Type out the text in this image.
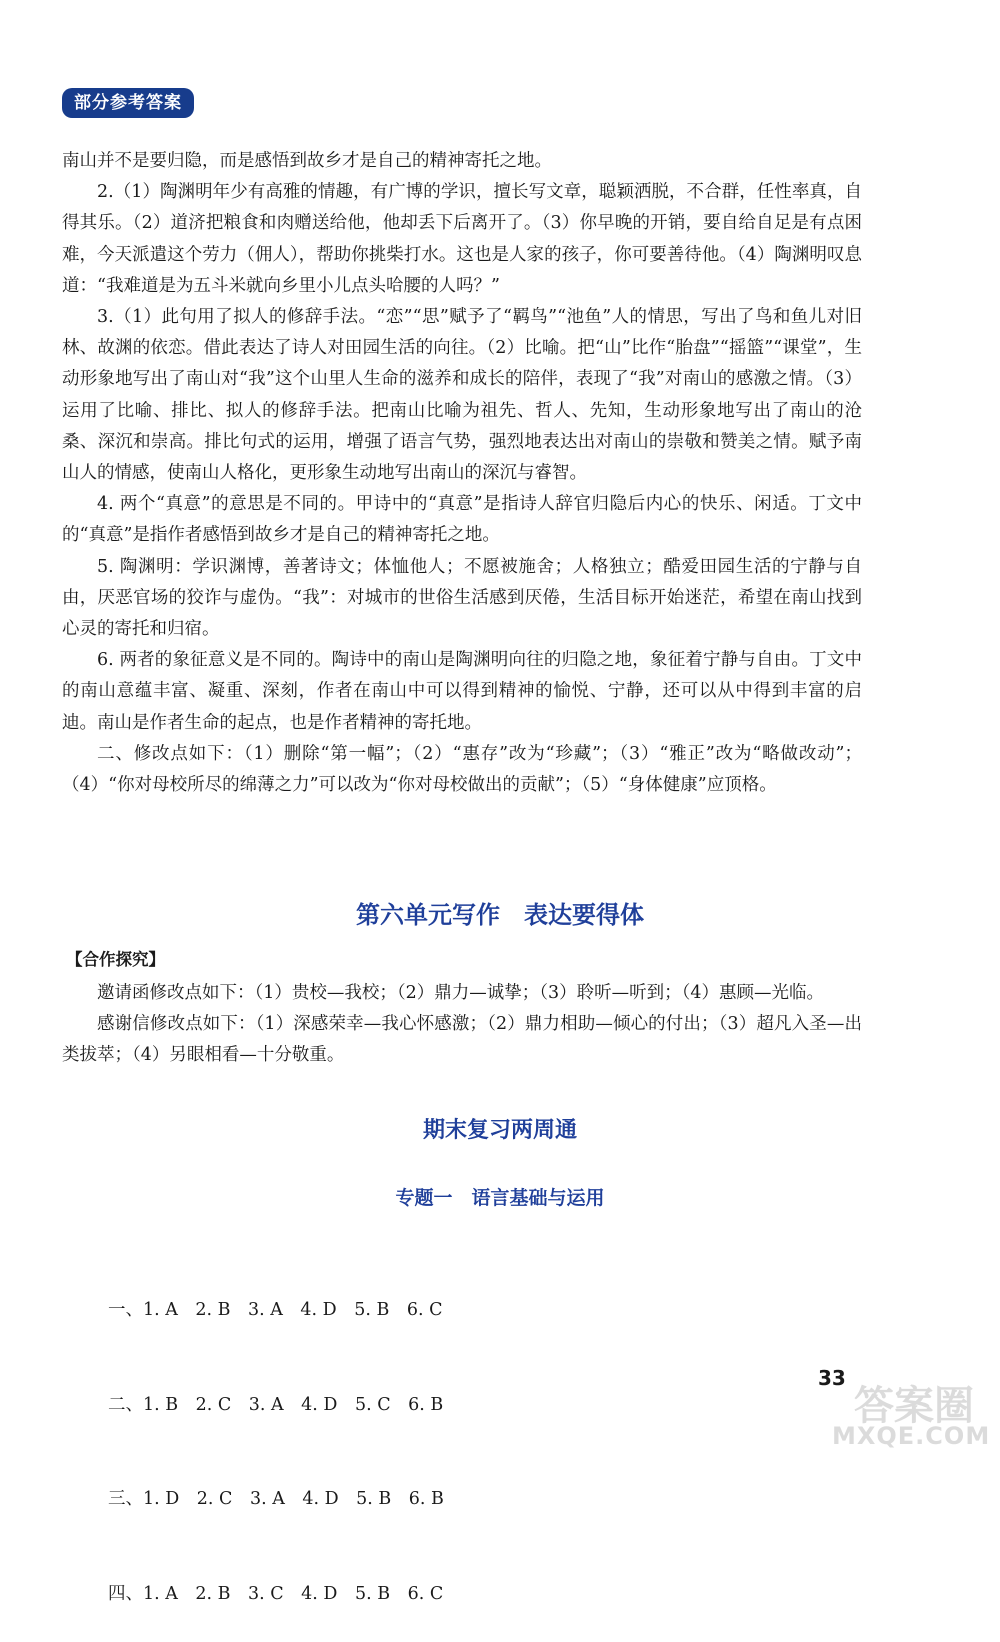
部分参考答案

南山并不是要归隐，而是感悟到故乡才是自己的精神寄托之地。

2.（1）陶渊明年少有高雅的情趣，有广博的学识，擅长写文章，聪颖洒脱，不合群，任性率真，自得其乐。（2）道济把粮食和肉赠送给他，他却丢下后离开了。（3）你早晚的开销，要自给自足是有点困难，今天派遣这个劳力（佣人），帮助你挑柴打水。这也是人家的孩子，你可要善待他。（4）陶渊明叹息道：“我难道是为五斗米就向乡里小儿点头哈腰的人吗？”

3.（1）此句用了拟人的修辞手法。“恋”“思”赋予了“羁鸟”“池鱼”人的情思，写出了鸟和鱼儿对旧林、故渊的依恋。借此表达了诗人对田园生活的向往。（2）比喻。把“山”比作“胎盘”“摇篮”“课堂”，生动形象地写出了南山对“我”这个山里人生命的滋养和成长的陪伴，表现了“我”对南山的感激之情。（3）运用了比喻、排比、拟人的修辞手法。把南山比喻为祖先、哲人、先知，生动形象地写出了南山的沧桑、深沉和崇高。排比句式的运用，增强了语言气势，强烈地表达出对南山的崇敬和赞美之情。赋予南山人的情感，使南山人格化，更形象生动地写出南山的深沉与睿智。

4. 两个“真意”的意思是不同的。甲诗中的“真意”是指诗人辞官归隐后内心的快乐、闲适。丁文中的“真意”是指作者感悟到故乡才是自己的精神寄托之地。

5. 陶渊明：学识渊博，善著诗文；体恤他人；不愿被施舍；人格独立；酷爱田园生活的宁静与自由，厌恶官场的狡诈与虚伪。“我”：对城市的世俗生活感到厌倦，生活目标开始迷茫，希望在南山找到心灵的寄托和归宿。

6. 两者的象征意义是不同的。陶诗中的南山是陶渊明向往的归隐之地，象征着宁静与自由。丁文中的南山意蕴丰富、凝重、深刻，作者在南山中可以得到精神的愉悦、宁静，还可以从中得到丰富的启迪。南山是作者生命的起点，也是作者精神的寄托地。

二、修改点如下：（1）删除“第一幅”；（2）“惠存”改为“珍藏”；（3）“雅正”改为“略做改动”；（4）“你对母校所尽的绵薄之力”可以改为“你对母校做出的贡献”；（5）“身体健康”应顶格。

第六单元写作　表达要得体
【合作探究】

邀请函修改点如下：（1）贵校—我校；（2）鼎力—诚挚；（3）聆听—听到；（4）惠顾—光临。

感谢信修改点如下：（1）深感荣幸—我心怀感激；（2）鼎力相助—倾心的付出；（3）超凡入圣—出类拔萃；（4）另眼相看—十分敬重。

期末复习两周通
专题一　语言基础与运用

一、1. A　2. B　3. A　4. D　5. B　6. C

二、1. B　2. C　3. A　4. D　5. C　6. B

三、1. D　2. C　3. A　4. D　5. B　6. B

四、1. A　2. B　3. C　4. D　5. B　6. C

33
答案圈
MXQE.COM
